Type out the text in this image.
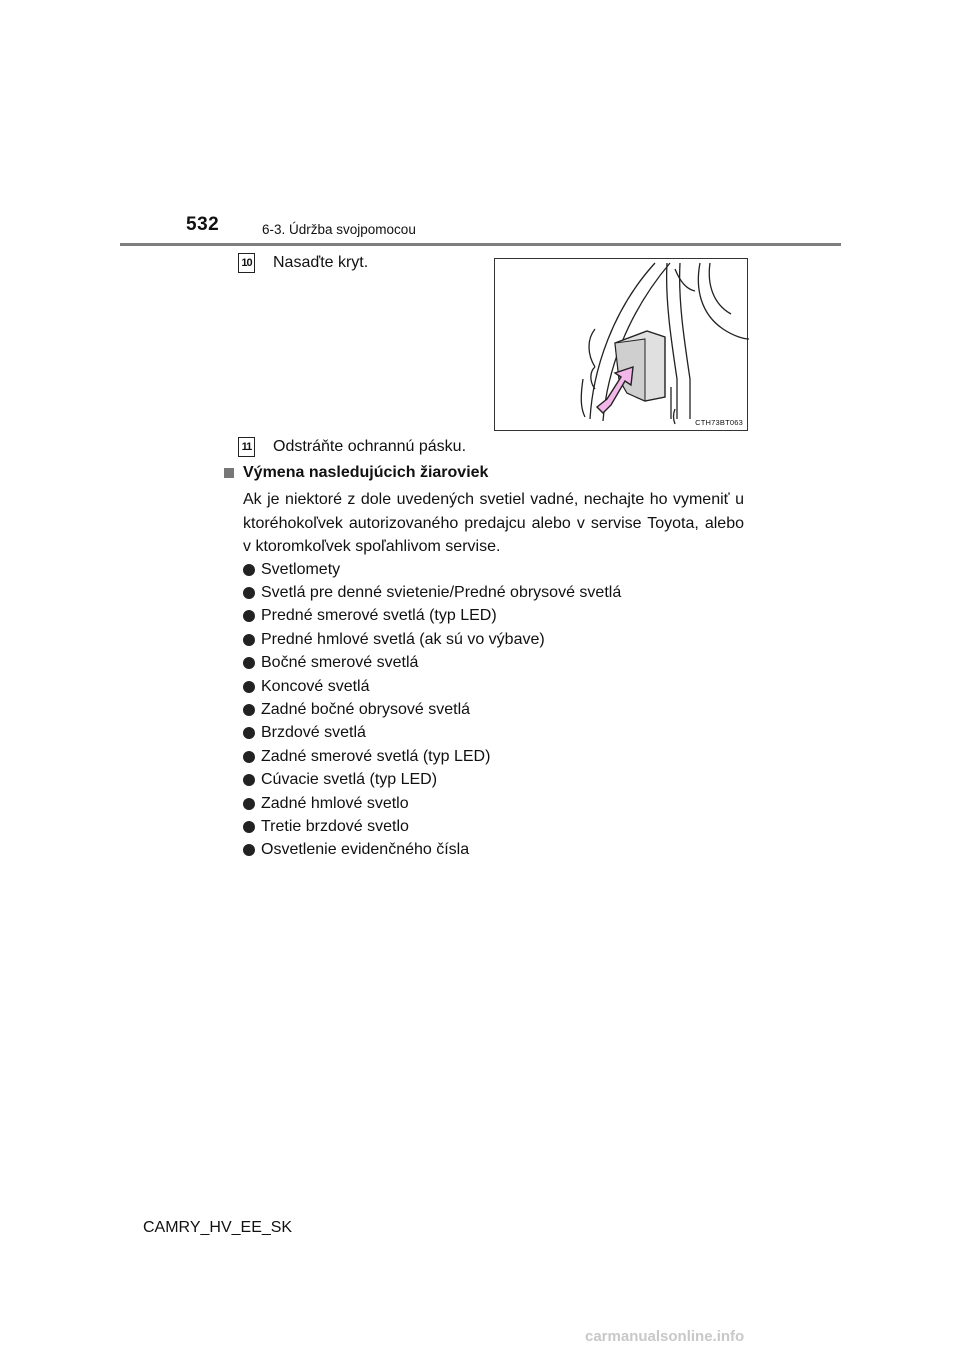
532	6-3. Údržba svojpomocou
10 Nasaďte kryt.
CTH73BT063
11 Odstráňte ochrannú pásku.
Výmena nasledujúcich žiaroviek
Ak je niektoré z dole uvedených svetiel vadné, nechajte ho vymeniť u ktoréhokoľvek autorizovaného predajcu alebo v servise Toyota, alebo v ktoromkoľvek spoľahlivom servise.
Svetlomety
Svetlá pre denné svietenie/Predné obrysové svetlá
Predné smerové svetlá (typ LED)
Predné hmlové svetlá (ak sú vo výbave)
Bočné smerové svetlá
Koncové svetlá
Zadné bočné obrysové svetlá
Brzdové svetlá
Zadné smerové svetlá (typ LED)
Cúvacie svetlá (typ LED)
Zadné hmlové svetlo
Tretie brzdové svetlo
Osvetlenie evidenčného čísla
CAMRY_HV_EE_SK
carmanualsonline.info
